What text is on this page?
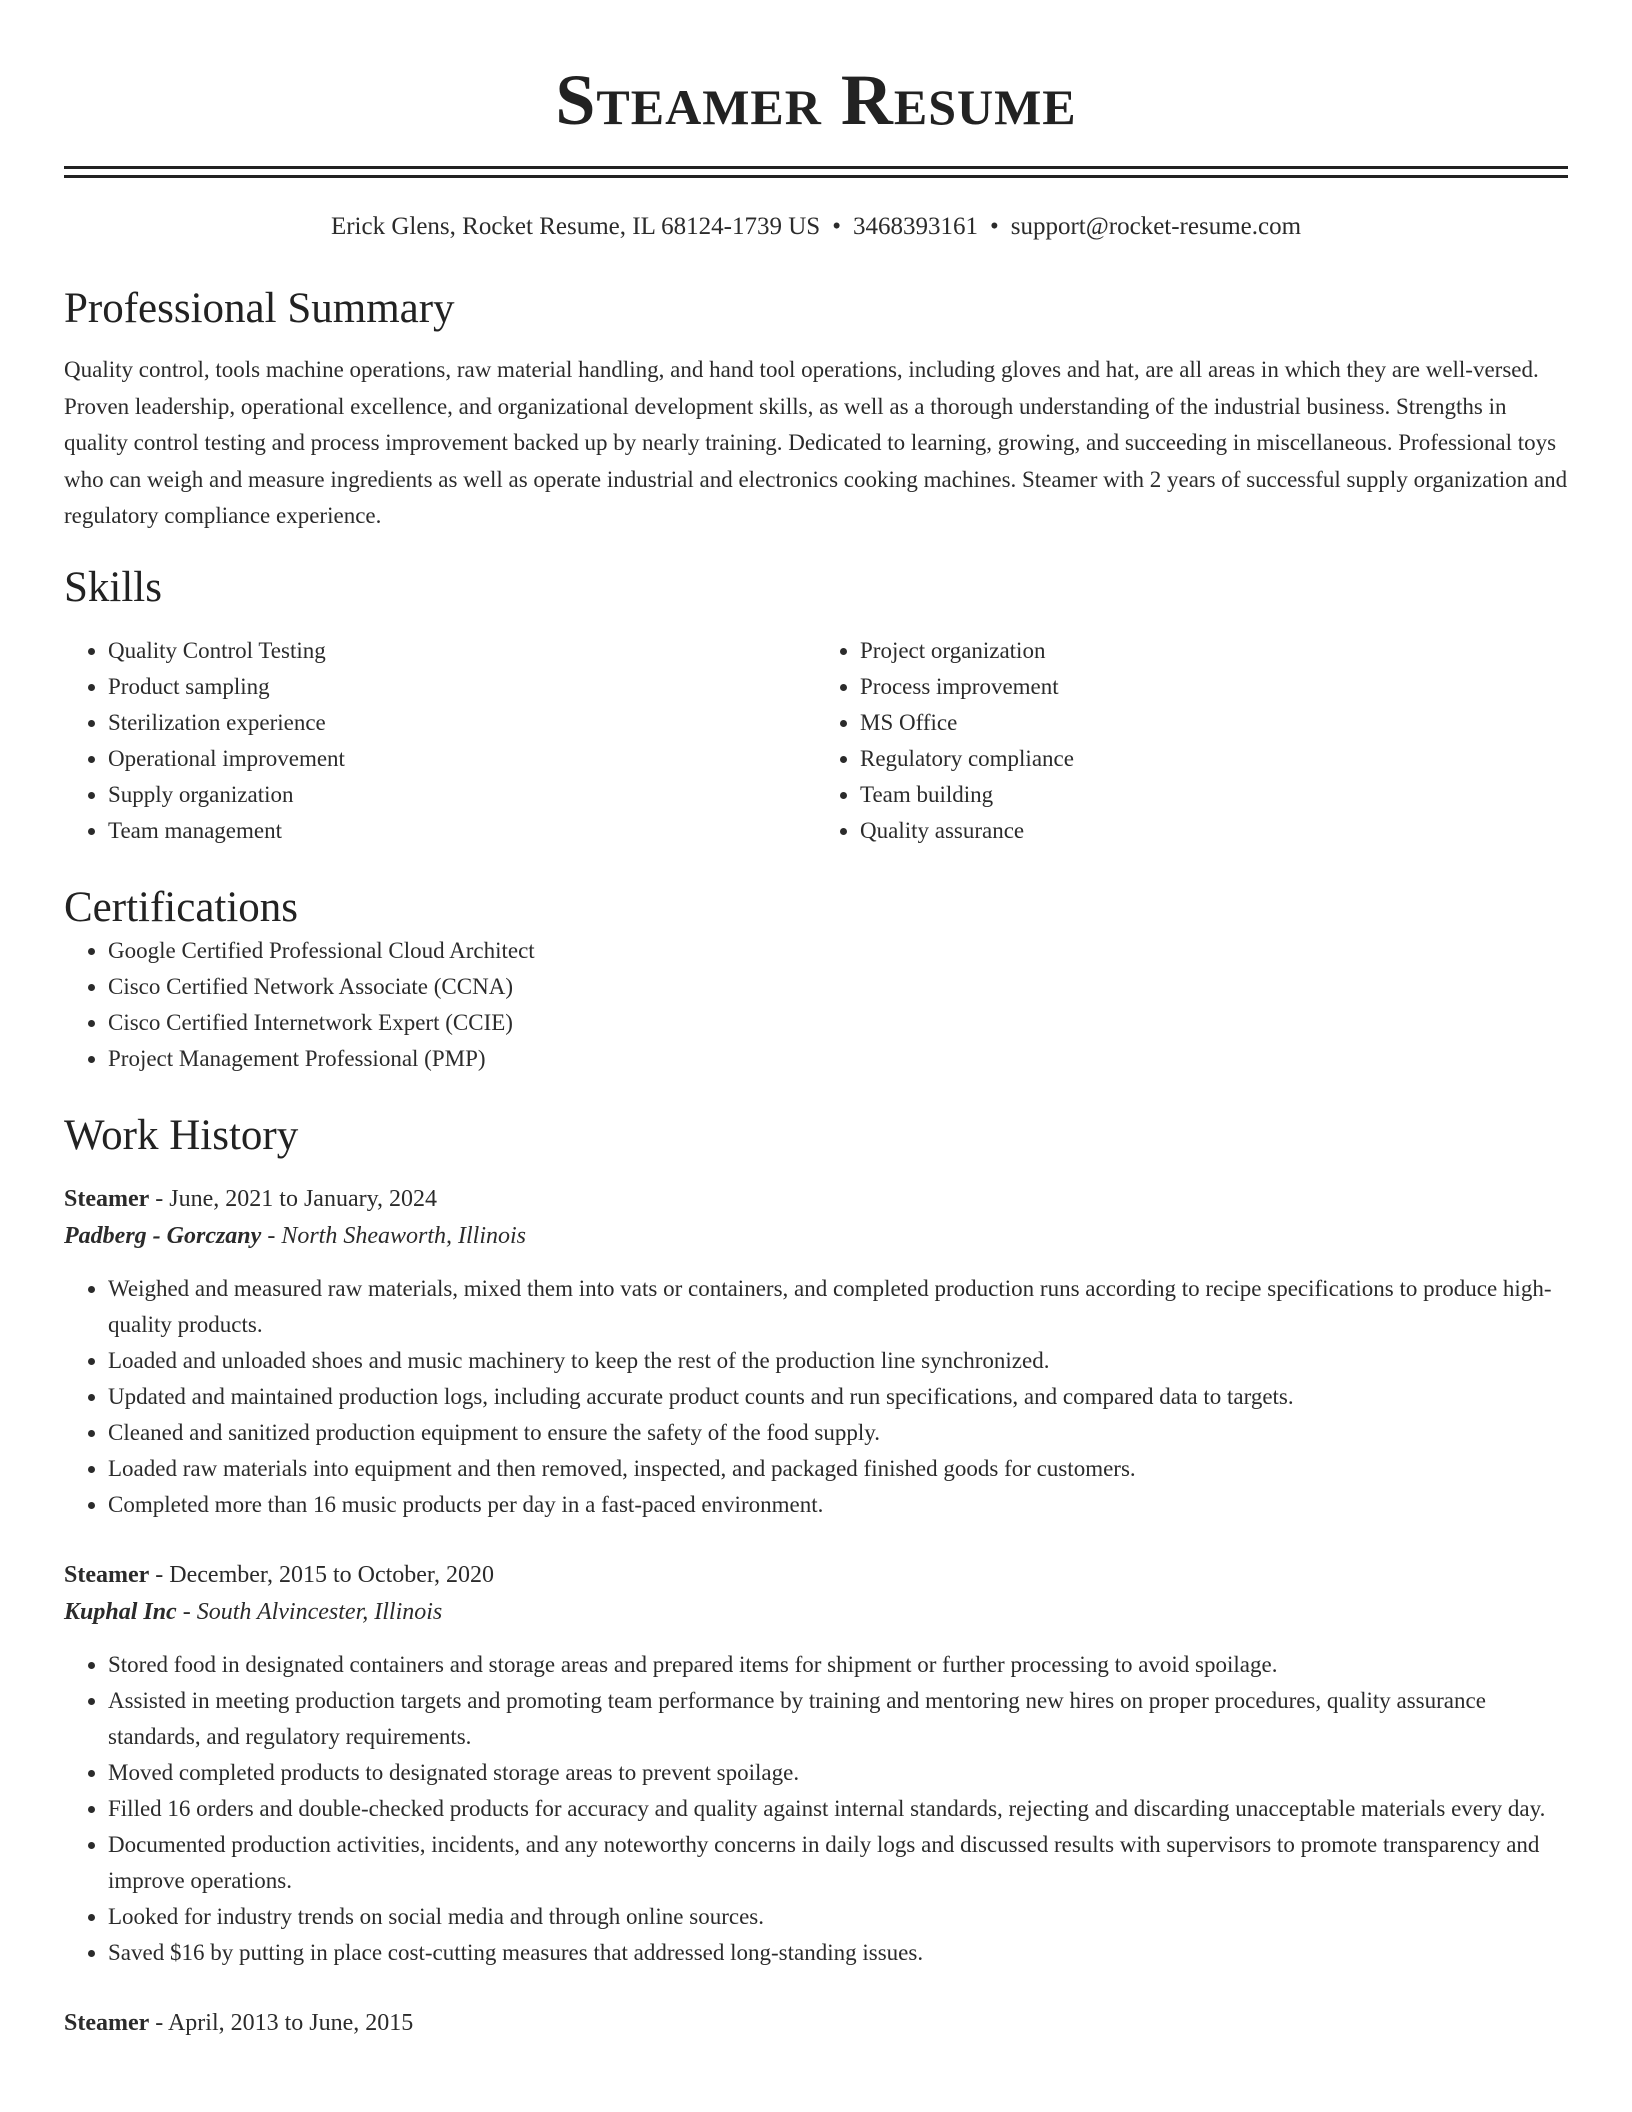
Steamer Resume
Erick Glens, Rocket Resume, IL 68124-1739 US • 3468393161 • support@rocket-resume.com
Professional Summary
Quality control, tools machine operations, raw material handling, and hand tool operations, including gloves and hat, are all areas in which they are well-versed. Proven leadership, operational excellence, and organizational development skills, as well as a thorough understanding of the industrial business. Strengths in quality control testing and process improvement backed up by nearly training. Dedicated to learning, growing, and succeeding in miscellaneous. Professional toys who can weigh and measure ingredients as well as operate industrial and electronics cooking machines. Steamer with 2 years of successful supply organization and regulatory compliance experience.
Skills
• Quality Control Testing
• Product sampling
• Sterilization experience
• Operational improvement
• Supply organization
• Team management
• Project organization
• Process improvement
• MS Office
• Regulatory compliance
• Team building
• Quality assurance
Certifications
• Google Certified Professional Cloud Architect
• Cisco Certified Network Associate (CCNA)
• Cisco Certified Internetwork Expert (CCIE)
• Project Management Professional (PMP)
Work History
Steamer - June, 2021 to January, 2024
Padberg - Gorczany - North Sheaworth, Illinois
• Weighed and measured raw materials, mixed them into vats or containers, and completed production runs according to recipe specifications to produce high-quality products.
• Loaded and unloaded shoes and music machinery to keep the rest of the production line synchronized.
• Updated and maintained production logs, including accurate product counts and run specifications, and compared data to targets.
• Cleaned and sanitized production equipment to ensure the safety of the food supply.
• Loaded raw materials into equipment and then removed, inspected, and packaged finished goods for customers.
• Completed more than 16 music products per day in a fast-paced environment.
Steamer - December, 2015 to October, 2020
Kuphal Inc - South Alvincester, Illinois
• Stored food in designated containers and storage areas and prepared items for shipment or further processing to avoid spoilage.
• Assisted in meeting production targets and promoting team performance by training and mentoring new hires on proper procedures, quality assurance standards, and regulatory requirements.
• Moved completed products to designated storage areas to prevent spoilage.
• Filled 16 orders and double-checked products for accuracy and quality against internal standards, rejecting and discarding unacceptable materials every day.
• Documented production activities, incidents, and any noteworthy concerns in daily logs and discussed results with supervisors to promote transparency and improve operations.
• Looked for industry trends on social media and through online sources.
• Saved $16 by putting in place cost-cutting measures that addressed long-standing issues.
Steamer - April, 2013 to June, 2015
